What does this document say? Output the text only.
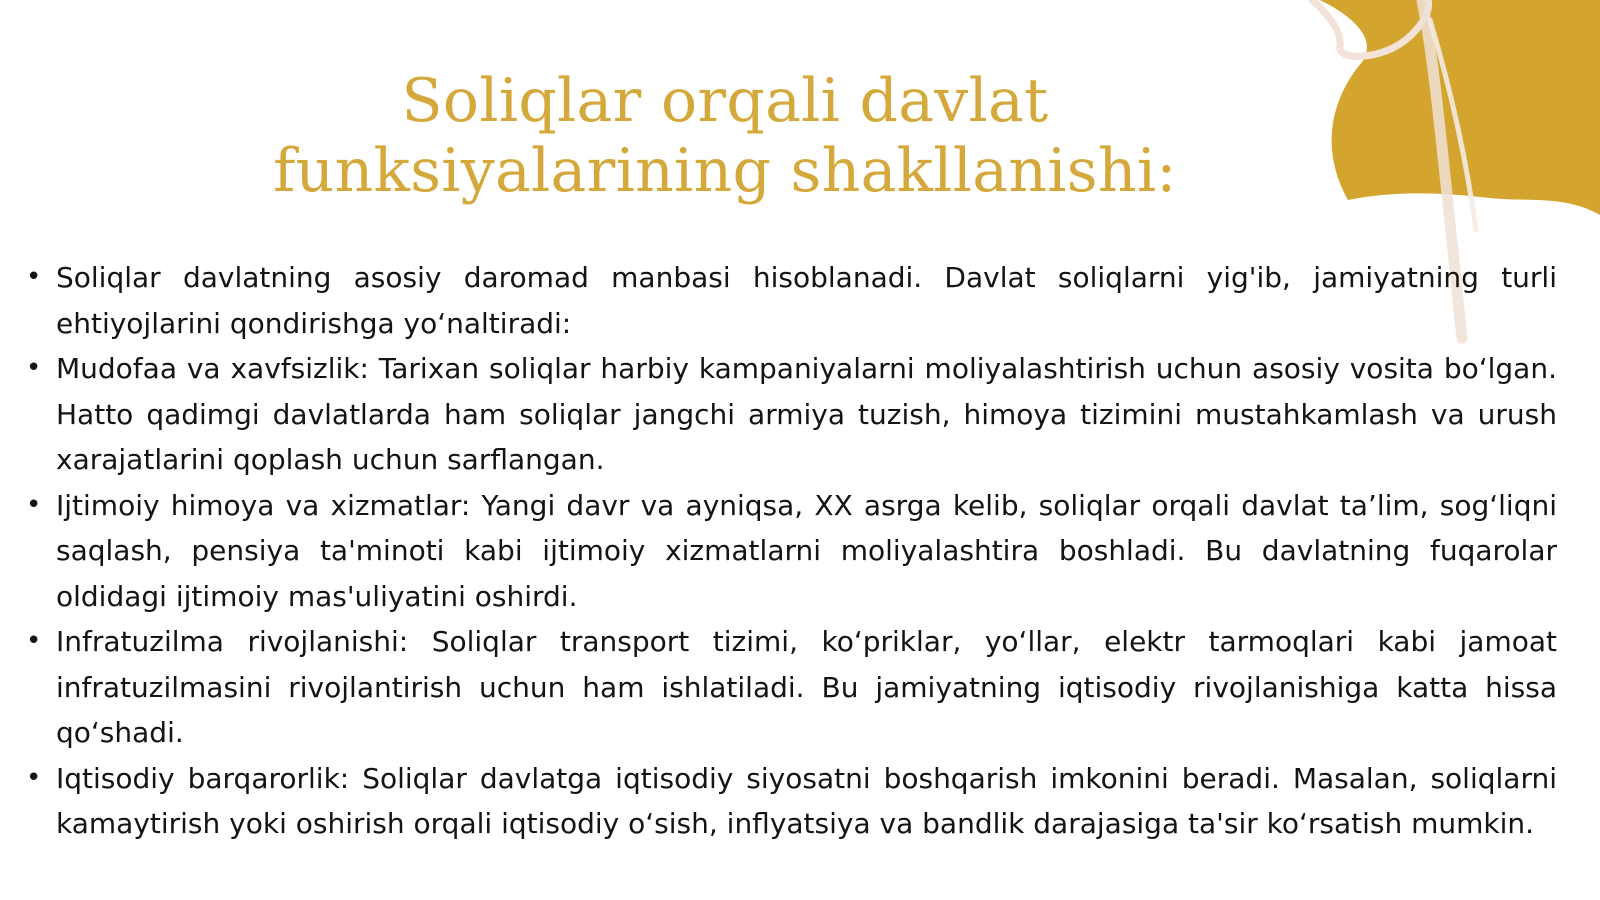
Soliqlar orqali davlat funksiyalarining shakllanishi:
• Soliqlar davlatning asosiy daromad manbasi hisoblanadi. Davlat soliqlarni yig'ib, jamiyatning turli ehtiyojlarini qondirishga yo‘naltiradi:
• Mudofaa va xavfsizlik: Tarixan soliqlar harbiy kampaniyalarni moliyalashtirish uchun asosiy vosita bo‘lgan. Hatto qadimgi davlatlarda ham soliqlar jangchi armiya tuzish, himoya tizimini mustahkamlash va urush xarajatlarini qoplash uchun sarflangan.
• Ijtimoiy himoya va xizmatlar: Yangi davr va ayniqsa, XX asrga kelib, soliqlar orqali davlat ta’lim, sog‘liqni saqlash, pensiya ta'minoti kabi ijtimoiy xizmatlarni moliyalashtira boshladi. Bu davlatning fuqarolar oldidagi ijtimoiy mas'uliyatini oshirdi.
• Infratuzilma rivojlanishi: Soliqlar transport tizimi, ko‘priklar, yo‘llar, elektr tarmoqlari kabi jamoat infratuzilmasini rivojlantirish uchun ham ishlatiladi. Bu jamiyatning iqtisodiy rivojlanishiga katta hissa qo‘shadi.
• Iqtisodiy barqarorlik: Soliqlar davlatga iqtisodiy siyosatni boshqarish imkonini beradi. Masalan, soliqlarni kamaytirish yoki oshirish orqali iqtisodiy o‘sish, inflyatsiya va bandlik darajasiga ta'sir ko‘rsatish mumkin.
